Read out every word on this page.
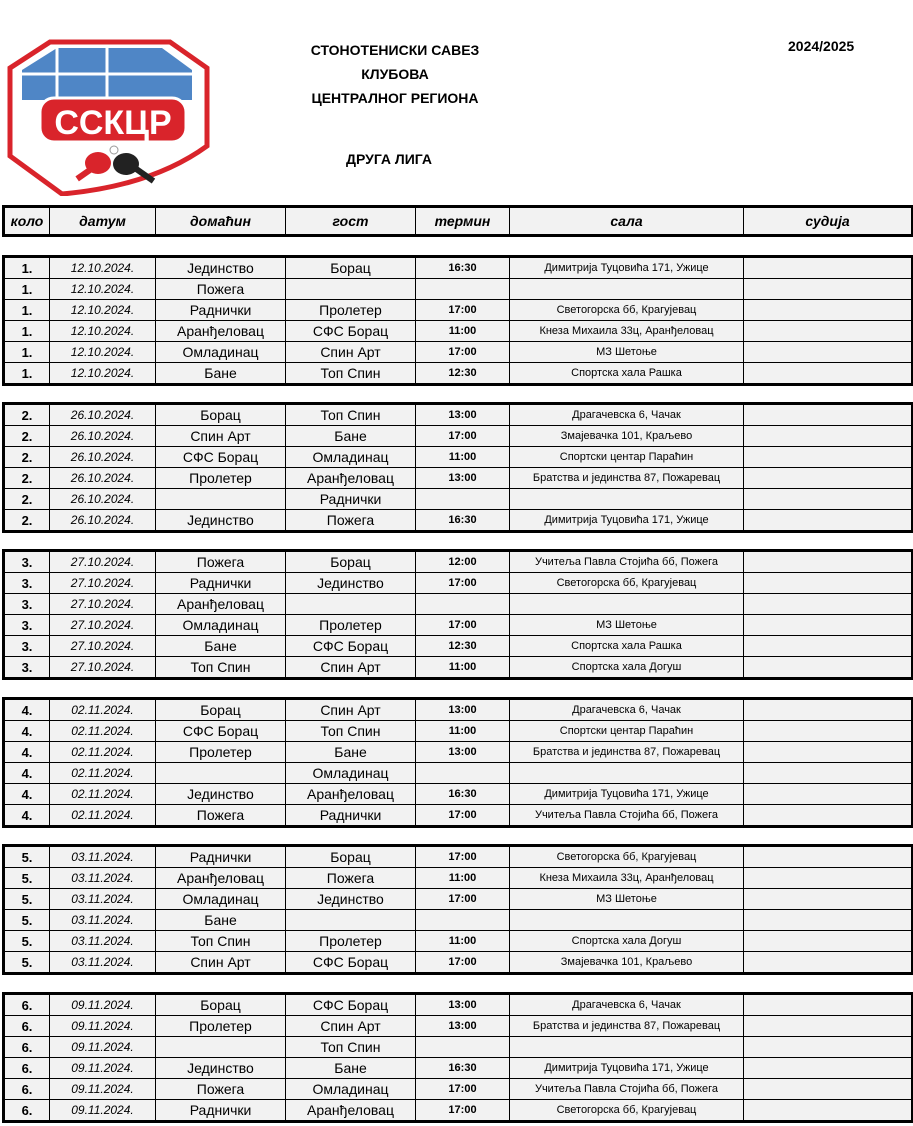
ССКЦР
СТОНОТЕНИСКИ САВЕЗ
КЛУБОВА
ЦЕНТРАЛНОГ РЕГИОНА
2024/2025
ДРУГА ЛИГА
коло	датум	домаћин	гост	термин	сала	судија
1.	12.10.2024.	Јединство	Борац	16:30	Димитрија Туцовића 171, Ужице	
1.	12.10.2024.	Пожега				
1.	12.10.2024.	Раднички	Пролетер	17:00	Светогорска бб, Крагујевац	
1.	12.10.2024.	Аранђеловац	СФС Борац	11:00	Кнеза Михаила 33ц, Аранђеловац	
1.	12.10.2024.	Омладинац	Спин Арт	17:00	МЗ Шетоње	
1.	12.10.2024.	Бане	Топ Спин	12:30	Спортска хала Рашка	
2.	26.10.2024.	Борац	Топ Спин	13:00	Драгачевска 6, Чачак	
2.	26.10.2024.	Спин Арт	Бане	17:00	Змајевачка 101, Краљево	
2.	26.10.2024.	СФС Борац	Омладинац	11:00	Спортски центар Параћин	
2.	26.10.2024.	Пролетер	Аранђеловац	13:00	Братства и јединства 87, Пожаревац	
2.	26.10.2024.		Раднички			
2.	26.10.2024.	Јединство	Пожега	16:30	Димитрија Туцовића 171, Ужице	
3.	27.10.2024.	Пожега	Борац	12:00	Учитеља Павла Стојића бб, Пожега	
3.	27.10.2024.	Раднички	Јединство	17:00	Светогорска бб, Крагујевац	
3.	27.10.2024.	Аранђеловац				
3.	27.10.2024.	Омладинац	Пролетер	17:00	МЗ Шетоње	
3.	27.10.2024.	Бане	СФС Борац	12:30	Спортска хала Рашка	
3.	27.10.2024.	Топ Спин	Спин Арт	11:00	Спортска хала Догуш	
4.	02.11.2024.	Борац	Спин Арт	13:00	Драгачевска 6, Чачак	
4.	02.11.2024.	СФС Борац	Топ Спин	11:00	Спортски центар Параћин	
4.	02.11.2024.	Пролетер	Бане	13:00	Братства и јединства 87, Пожаревац	
4.	02.11.2024.		Омладинац			
4.	02.11.2024.	Јединство	Аранђеловац	16:30	Димитрија Туцовића 171, Ужице	
4.	02.11.2024.	Пожега	Раднички	17:00	Учитеља Павла Стојића бб, Пожега	
5.	03.11.2024.	Раднички	Борац	17:00	Светогорска бб, Крагујевац	
5.	03.11.2024.	Аранђеловац	Пожега	11:00	Кнеза Михаила 33ц, Аранђеловац	
5.	03.11.2024.	Омладинац	Јединство	17:00	МЗ Шетоње	
5.	03.11.2024.	Бане				
5.	03.11.2024.	Топ Спин	Пролетер	11:00	Спортска хала Догуш	
5.	03.11.2024.	Спин Арт	СФС Борац	17:00	Змајевачка 101, Краљево	
6.	09.11.2024.	Борац	СФС Борац	13:00	Драгачевска 6, Чачак	
6.	09.11.2024.	Пролетер	Спин Арт	13:00	Братства и јединства 87, Пожаревац	
6.	09.11.2024.		Топ Спин			
6.	09.11.2024.	Јединство	Бане	16:30	Димитрија Туцовића 171, Ужице	
6.	09.11.2024.	Пожега	Омладинац	17:00	Учитеља Павла Стојића бб, Пожега	
6.	09.11.2024.	Раднички	Аранђеловац	17:00	Светогорска бб, Крагујевац	
